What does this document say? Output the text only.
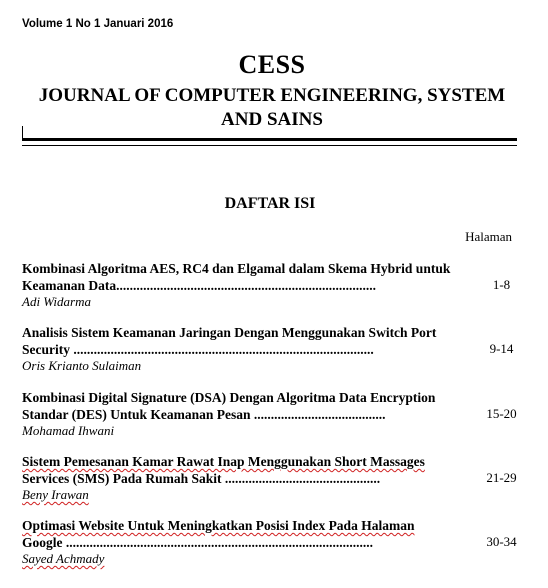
Volume 1 No 1 Januari 2016
CESS
JOURNAL OF COMPUTER ENGINEERING, SYSTEM AND SAINS
DAFTAR ISI
Halaman
Kombinasi Algoritma AES, RC4 dan Elgamal dalam Skema Hybrid untuk
Keamanan Data.............................................................................
Adi Widarma
1-8
Analisis Sistem Keamanan Jaringan Dengan Menggunakan Switch Port
Security .........................................................................................
Oris Krianto Sulaiman
9-14
Kombinasi Digital Signature (DSA) Dengan Algoritma Data Encryption
Standar (DES) Untuk Keamanan Pesan .......................................
Mohamad Ihwani
15-20
Sistem Pemesanan Kamar Rawat Inap Menggunakan Short Massages
Services (SMS) Pada Rumah Sakit ..............................................
Beny Irawan
21-29
Optimasi Website Untuk Meningkatkan Posisi Index Pada Halaman
Google ...........................................................................................
Sayed Achmady
30-34
